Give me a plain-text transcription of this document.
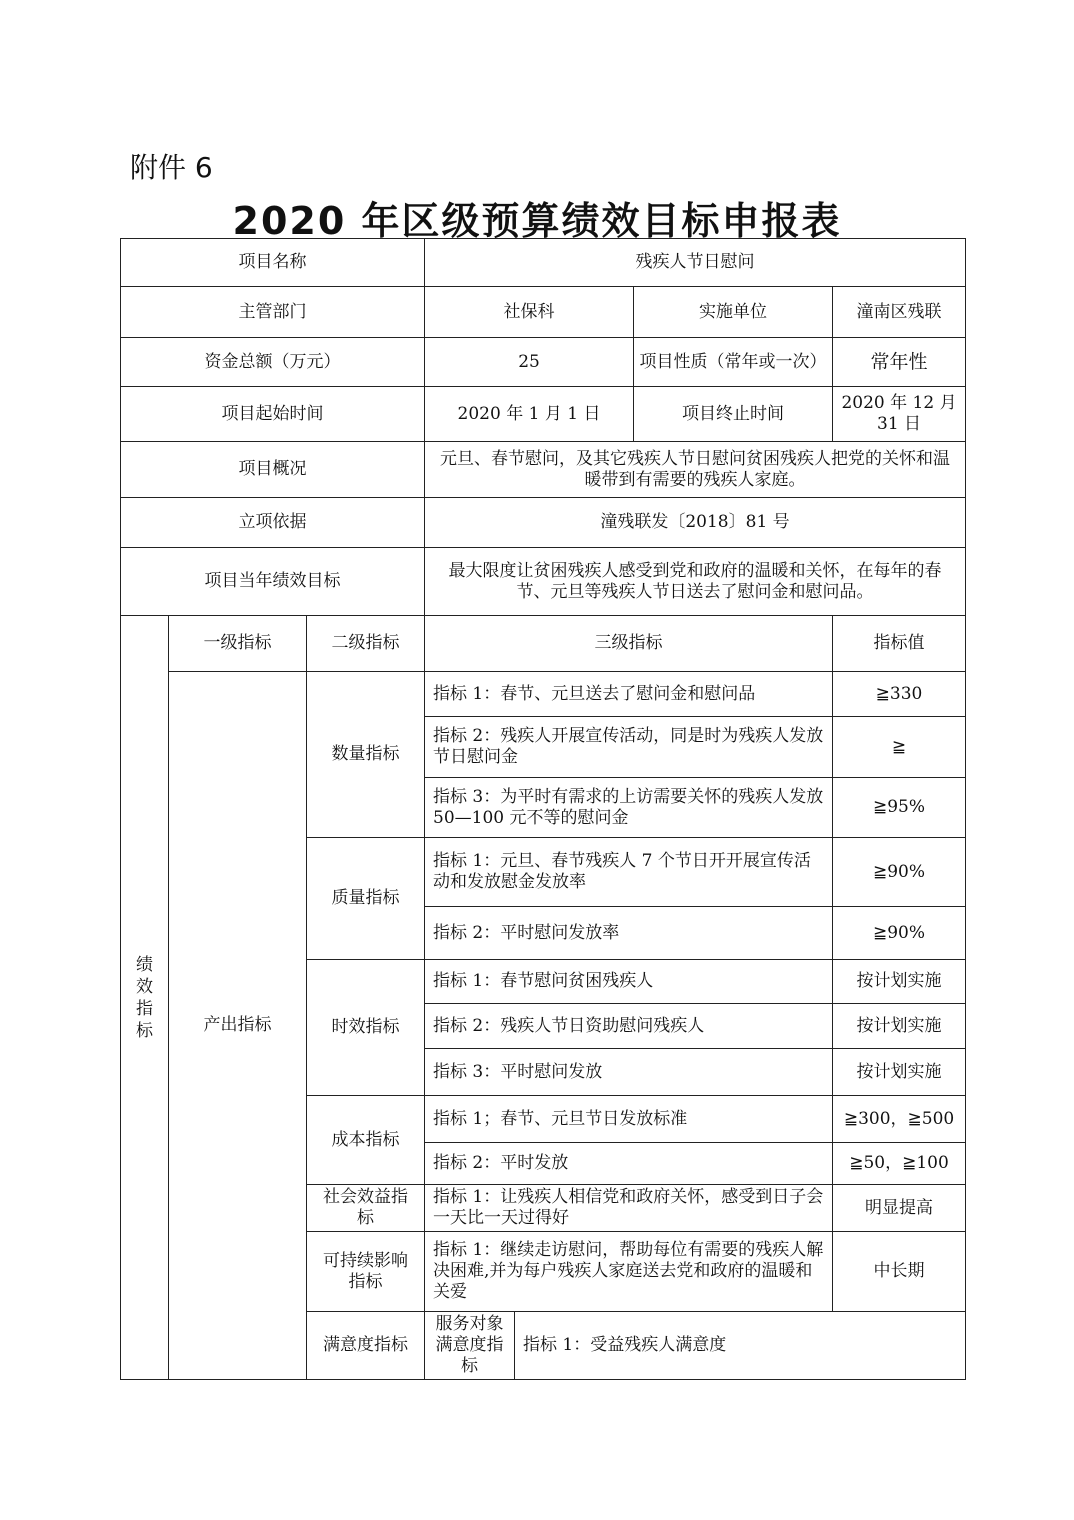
附件 6
2020 年区级预算绩效目标申报表
项目名称			残疾人节日慰问			
主管部门			社保科 实施单位		潼南区残联	
资金总额（万元）			25 项目性质（常年或一次）		常年性	
项目起始时间			2020 年 1 月 1 日 项目终止时间		2020 年 12 月 31 日	
项目概况			元旦、春节慰问，及其它残疾人节日慰问贫困残疾人把党的关怀和温暖带到有需要的残疾人家庭。			
立项依据			潼残联发〔2018〕81 号			
项目当年绩效目标			最大限度让贫困残疾人感受到党和政府的温暖和关怀，在每年的春节、元旦等残疾人节日送去了慰问金和慰问品。			
绩效指标	一级指标	二级指标	三级指标		指标值	
	产出指标	数量指标	指标 1：春节、元旦送去了慰问金和慰问品		≧330	
			指标 2：残疾人开展宣传活动，同是时为残疾人发放节日慰问金		≧	
			指标 3：为平时有需求的上访需要关怀的残疾人发放 50—100 元不等的慰问金		≧95%	
		质量指标	指标 1：元旦、春节残疾人 7 个节日开开展宣传活动和发放慰金发放率		≧90%	
			指标 2：平时慰问发放率		≧90%	
		时效指标	指标 1：春节慰问贫困残疾人		按计划实施	
			指标 2：残疾人节日资助慰问残疾人		按计划实施	
			指标 3：平时慰问发放		按计划实施	
		成本指标	指标 1；春节、元旦节日发放标准		≧300，≧500	
			指标 2：平时发放		≧50，≧100	
		社会效益指标	指标 1：让残疾人相信党和政府关怀，感受到日子会一天比一天过得好		明显提高	
		可持续影响指标	指标 1：继续走访慰问，帮助每位有需要的残疾人解决困难,并为每户残疾人家庭送去党和政府的温暖和关爱		中长期	
		满意度指标	服务对象满意度指标	指标 1：受益残疾人满意度	
